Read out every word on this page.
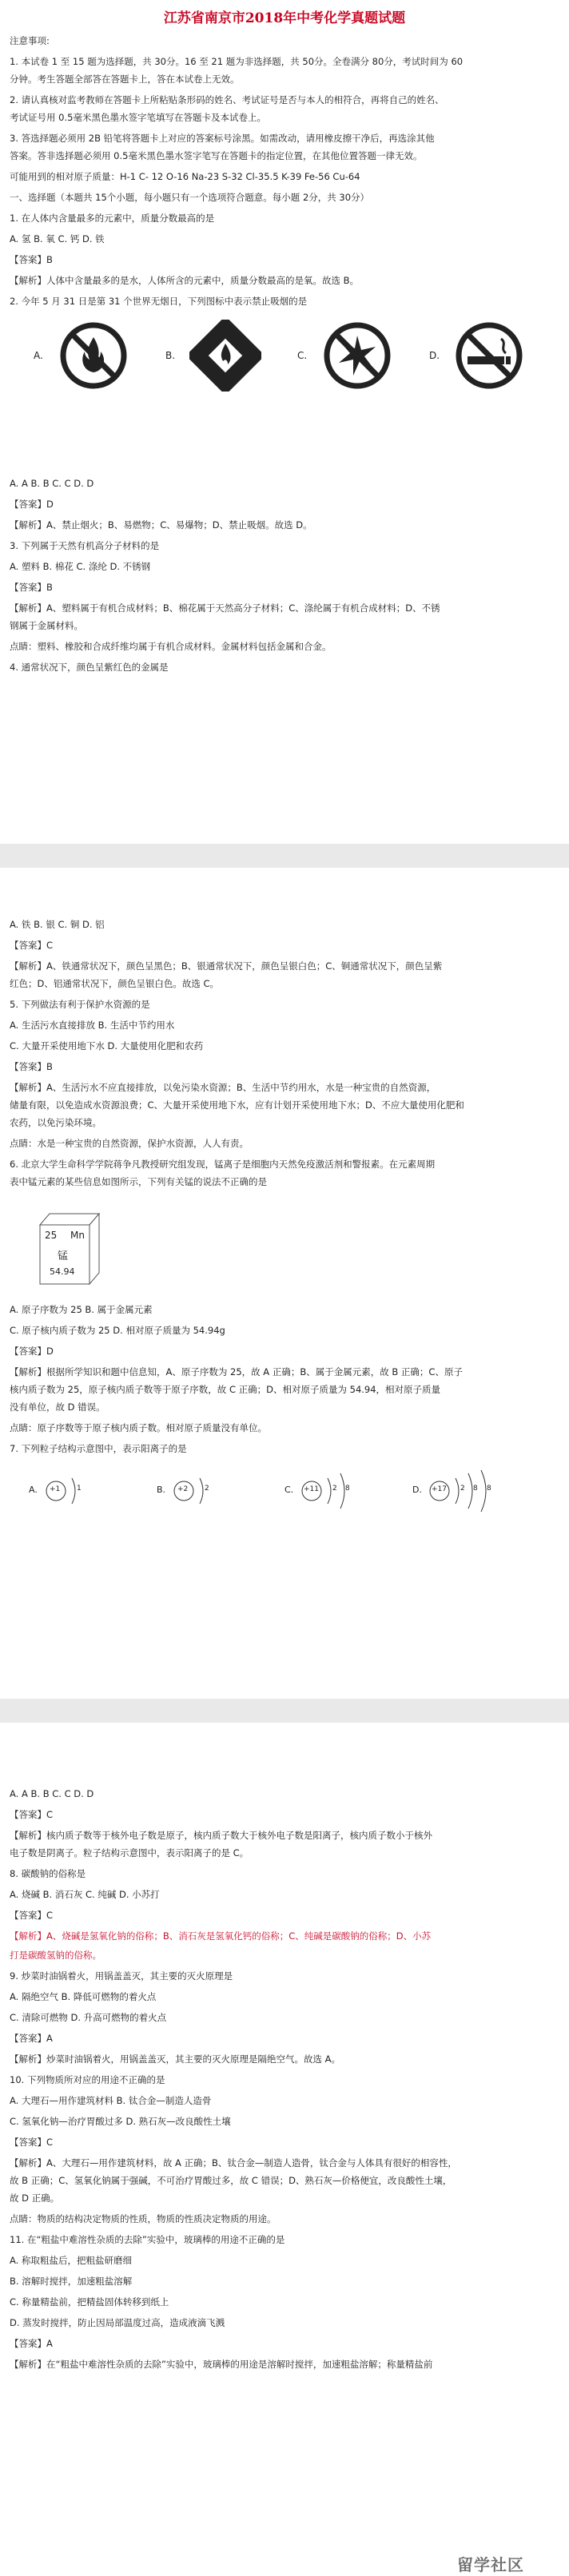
江苏省南京市2018年中考化学真题试题
注意事项:
1. 本试卷 1 至 15 题为选择题，共 30分。16 至 21 题为非选择题，共 50分。全卷满分 80分，考试时间为 60
分钟。考生答题全部答在答题卡上，答在本试卷上无效。
2. 请认真核对监考教师在答题卡上所粘贴条形码的姓名、考试证号是否与本人的相符合，再将自己的姓名、
考试证号用 0.5毫米黑色墨水签字笔填写在答题卡及本试卷上。
3. 答选择题必须用 2B 铅笔将答题卡上对应的答案标号涂黑。如需改动，请用橡皮擦干净后，再选涂其他
答案。答非选择题必须用 0.5毫米黑色墨水签字笔写在答题卡的指定位置，在其他位置答题一律无效。
可能用到的相对原子质量：H-1 C- 12 O-16 Na-23 S-32 Cl-35.5 K-39 Fe-56 Cu-64
一、选择题（本题共 15个小题，每小题只有一个选项符合题意。每小题 2分，共 30分）
1. 在人体内含量最多的元素中，质量分数最高的是
A. 氢 B. 氧 C. 钙 D. 铁
【答案】B
【解析】人体中含量最多的是水，人体所含的元素中，质量分数最高的是氧。故选 B。
2. 今年 5 月 31 日是第 31 个世界无烟日，下列图标中表示禁止吸烟的是
A.	B.	C.	D.
A. A B. B C. C D. D
【答案】D
【解析】A、禁止烟火；B、易燃物；C、易爆物；D、禁止吸烟。故选 D。
3. 下列属于天然有机高分子材料的是
A. 塑料 B. 棉花 C. 涤纶 D. 不锈钢
【答案】B
【解析】A、塑料属于有机合成材料；B、棉花属于天然高分子材料；C、涤纶属于有机合成材料；D、不锈
钢属于金属材料。
点睛：塑料、橡胶和合成纤维均属于有机合成材料。金属材料包括金属和合金。
4. 通常状况下，颜色呈紫红色的金属是
A. 铁 B. 银 C. 铜 D. 铝
【答案】C
【解析】A、铁通常状况下，颜色呈黑色；B、银通常状况下，颜色呈银白色；C、铜通常状况下，颜色呈紫
红色；D、铝通常状况下，颜色呈银白色。故选 C。
5. 下列做法有利于保护水资源的是
A. 生活污水直接排放 B. 生活中节约用水
C. 大量开采使用地下水 D. 大量使用化肥和农药
【答案】B
【解析】A、生活污水不应直接排放，以免污染水资源；B、生活中节约用水，水是一种宝贵的自然资源，
储量有限，以免造成水资源浪费；C、大量开采使用地下水，应有计划开采使用地下水；D、不应大量使用化肥和
农药，以免污染环境。
点睛：水是一种宝贵的自然资源，保护水资源，人人有责。
6. 北京大学生命科学学院蒋争凡教授研究组发现，锰离子是细胞内天然免疫激活剂和警报素。在元素周期
表中锰元素的某些信息如图所示，下列有关锰的说法不正确的是
25 Mn
锰
54.94
A. 原子序数为 25 B. 属于金属元素
C. 原子核内质子数为 25 D. 相对原子质量为 54.94g
【答案】D
【解析】根据所学知识和题中信息知，A、原子序数为 25，故 A 正确；B、属于金属元素，故 B 正确；C、原子
核内质子数为 25，原子核内质子数等于原子序数，故 C 正确；D、相对原子质量为 54.94，相对原子质量
没有单位，故 D 错误。
点睛：原子序数等于原子核内质子数。相对原子质量没有单位。
7. 下列粒子结构示意图中，表示阳离子的是
A. +1 1	B. +2 2	C. +11 2 8	D. +17 2 8 8
A. A B. B C. C D. D
【答案】C
【解析】核内质子数等于核外电子数是原子，核内质子数大于核外电子数是阳离子，核内质子数小于核外
电子数是阴离子。粒子结构示意图中，表示阳离子的是 C。
8. 碳酸钠的俗称是
A. 烧碱 B. 消石灰 C. 纯碱 D. 小苏打
【答案】C
【解析】A、烧碱是氢氧化钠的俗称；B、消石灰是氢氧化钙的俗称；C、纯碱是碳酸钠的俗称；D、小苏
打是碳酸氢钠的俗称。
9. 炒菜时油锅着火，用锅盖盖灭，其主要的灭火原理是
A. 隔绝空气 B. 降低可燃物的着火点
C. 清除可燃物 D. 升高可燃物的着火点
【答案】A
【解析】炒菜时油锅着火，用锅盖盖灭，其主要的灭火原理是隔绝空气。故选 A。
10. 下列物质所对应的用途不正确的是
A. 大理石—用作建筑材料 B. 钛合金—制造人造骨
C. 氢氧化钠—治疗胃酸过多 D. 熟石灰—改良酸性土壤
【答案】C
【解析】A、大理石—用作建筑材料，故 A 正确；B、钛合金—制造人造骨，钛合金与人体具有很好的相容性，
故 B 正确；C、氢氧化钠属于强碱，不可治疗胃酸过多，故 C 错误；D、熟石灰—价格便宜，改良酸性土壤，
故 D 正确。
点睛：物质的结构决定物质的性质，物质的性质决定物质的用途。
11. 在“粗盐中难溶性杂质的去除”实验中，玻璃棒的用途不正确的是
A. 称取粗盐后，把粗盐研磨细
B. 溶解时搅拌，加速粗盐溶解
C. 称量精盐前，把精盐固体转移到纸上
D. 蒸发时搅拌，防止因局部温度过高，造成液滴飞溅
【答案】A
【解析】在“粗盐中难溶性杂质的去除”实验中，玻璃棒的用途是溶解时搅拌，加速粗盐溶解；称量精盐前
留学社区
